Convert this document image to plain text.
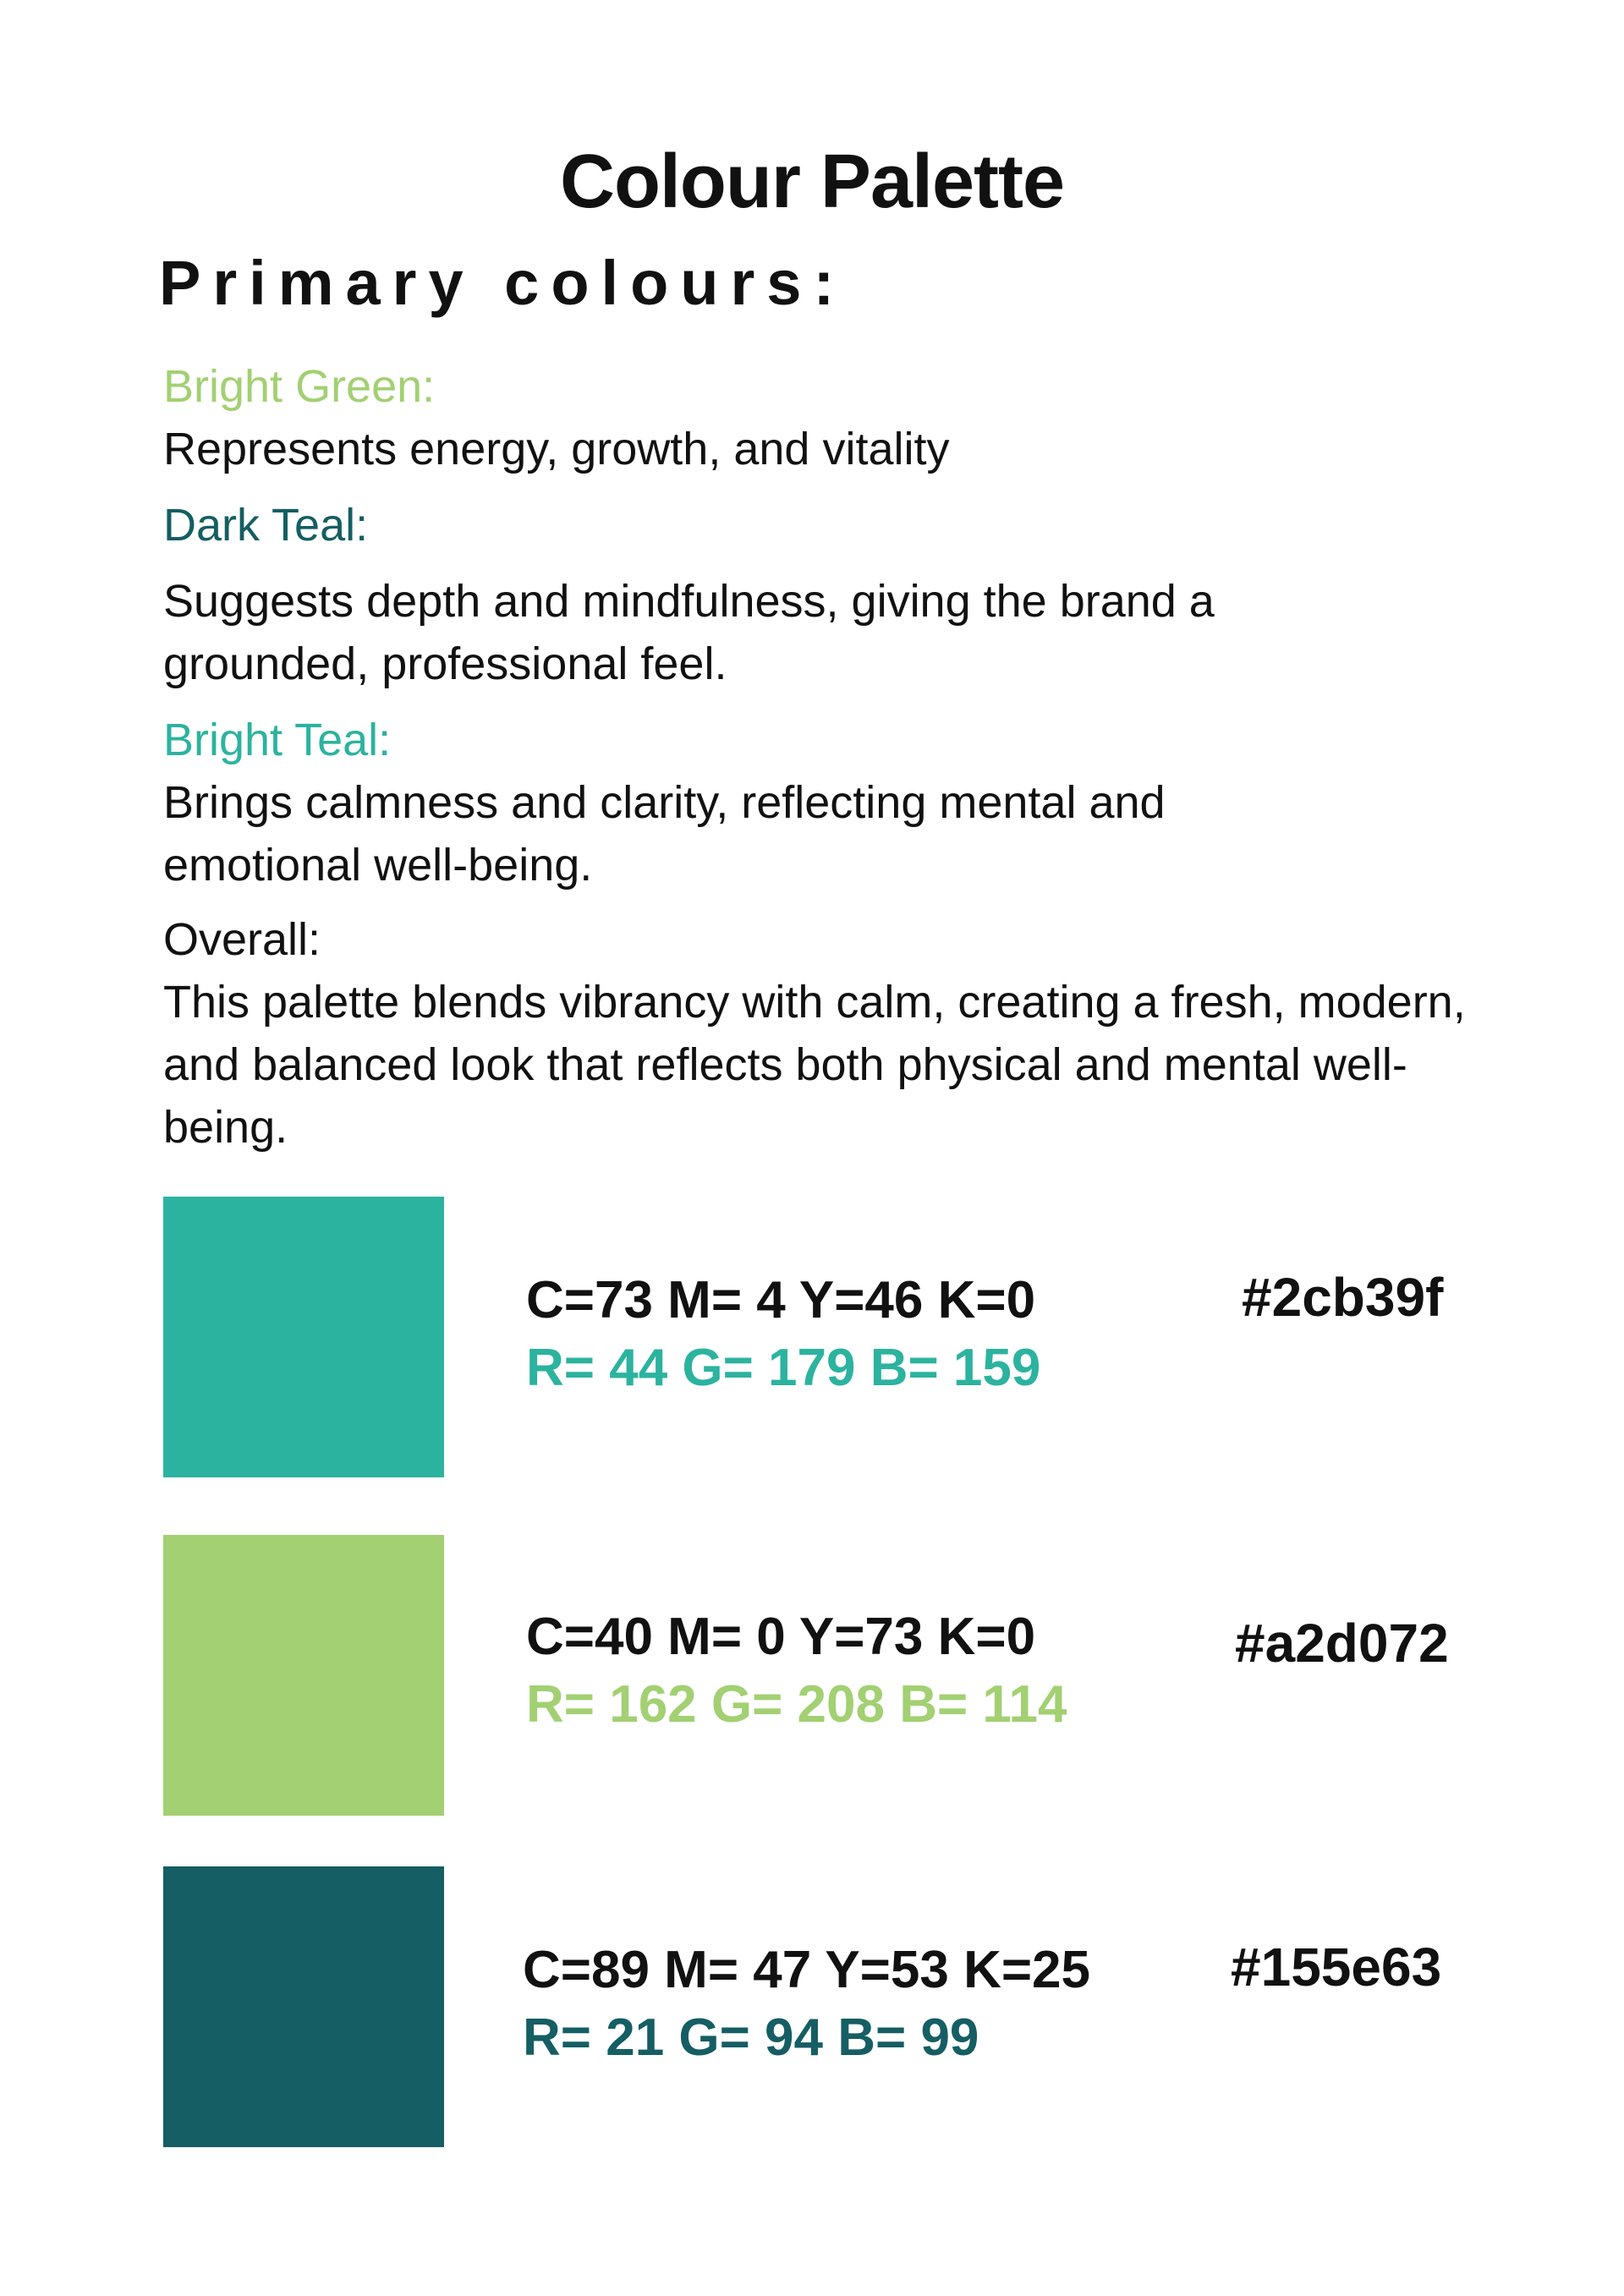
Colour Palette
Primary colours:
Bright Green:
Represents energy, growth, and vitality
Dark Teal:
Suggests depth and mindfulness, giving the brand a grounded, professional feel.
Bright Teal:
Brings calmness and clarity, reflecting mental and emotional well-being.
Overall:
This palette blends vibrancy with calm, creating a fresh, modern, and balanced look that reflects both physical and mental well-being.
C=73 M= 4 Y=46 K=0
R= 44 G= 179 B= 159
#2cb39f
C=40 M= 0 Y=73 K=0
R= 162 G= 208 B= 114
#a2d072
C=89 M= 47 Y=53 K=25
R= 21 G= 94 B= 99
#155e63
